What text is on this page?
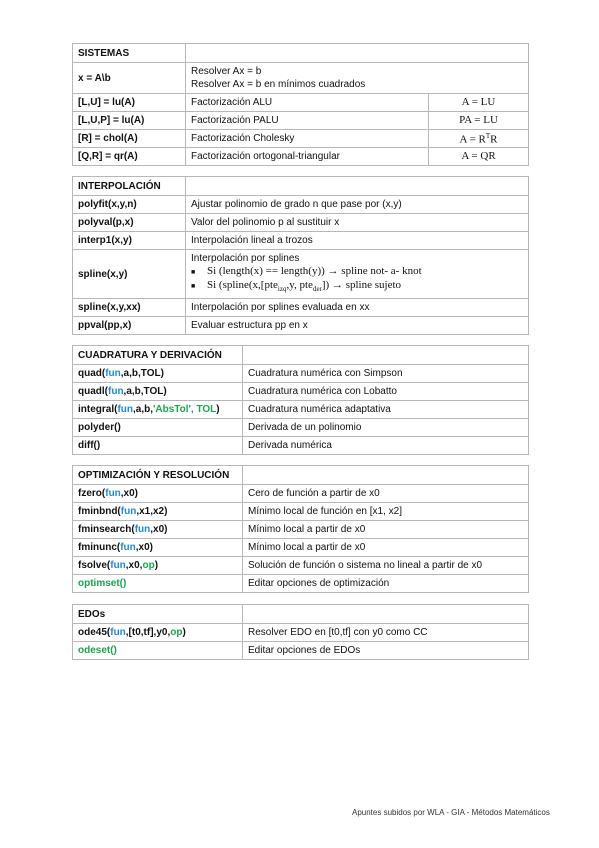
SISTEMAS		
x = A\b	Resolver Ax = b
Resolver Ax = b en mínimos cuadrados	

[L,U] = lu(A)	Factorización ALU	A = LU
[L,U,P] = lu(A)	Factorización PALU	PA = LU
[R] = chol(A)	Factorización Cholesky	$A = R^TR$
[Q,R] = qr(A)	Factorización ortogonal-triangular	A = QR
INTERPOLACIÓN	
polyfit(x,y,n)	Ajustar polinomio de grado n que pase por (x,y)
polyval(p,x)	Valor del polinomio p al sustituir x
interp1(x,y)	Interpolación lineal a trozos
spline(x,y)	Interpolación por splines
■ Si (length(x) == length(y)) → spline not- a- knot
■ Si (spline(x,[pte$_{izq}$,y, pte$_{der}$]) → spline sujeto

spline(x,y,xx)	Interpolación por splines evaluada en xx
ppval(pp,x)	Evaluar estructura pp en x
CUADRATURA Y DERIVACIÓN	
quad(fun,a,b,TOL)	Cuadratura numérica con Simpson
quadl(fun,a,b,TOL)	Cuadratura numérica con Lobatto
integral(fun,a,b,'AbsTol', TOL)	Cuadratura numérica adaptativa
polyder()	Derivada de un polinomio
diff()	Derivada numérica
OPTIMIZACIÓN Y RESOLUCIÓN	
fzero(fun,x0)	Cero de función a partir de x0
fminbnd(fun,x1,x2)	Mínimo local de función en [x1, x2]
fminsearch(fun,x0)	Mínimo local a partir de x0
fminunc(fun,x0)	Mínimo local a partir de x0
fsolve(fun,x0,op)	Solución de función o sistema no lineal a partir de x0
optimset()	Editar opciones de optimización
EDOs	
ode45(fun,[t0,tf],y0,op)	Resolver EDO en [t0,tf] con y0 como CC
odeset()	Editar opciones de EDOs
Apuntes subidos por WLA - GIA - Métodos Matemáticos
